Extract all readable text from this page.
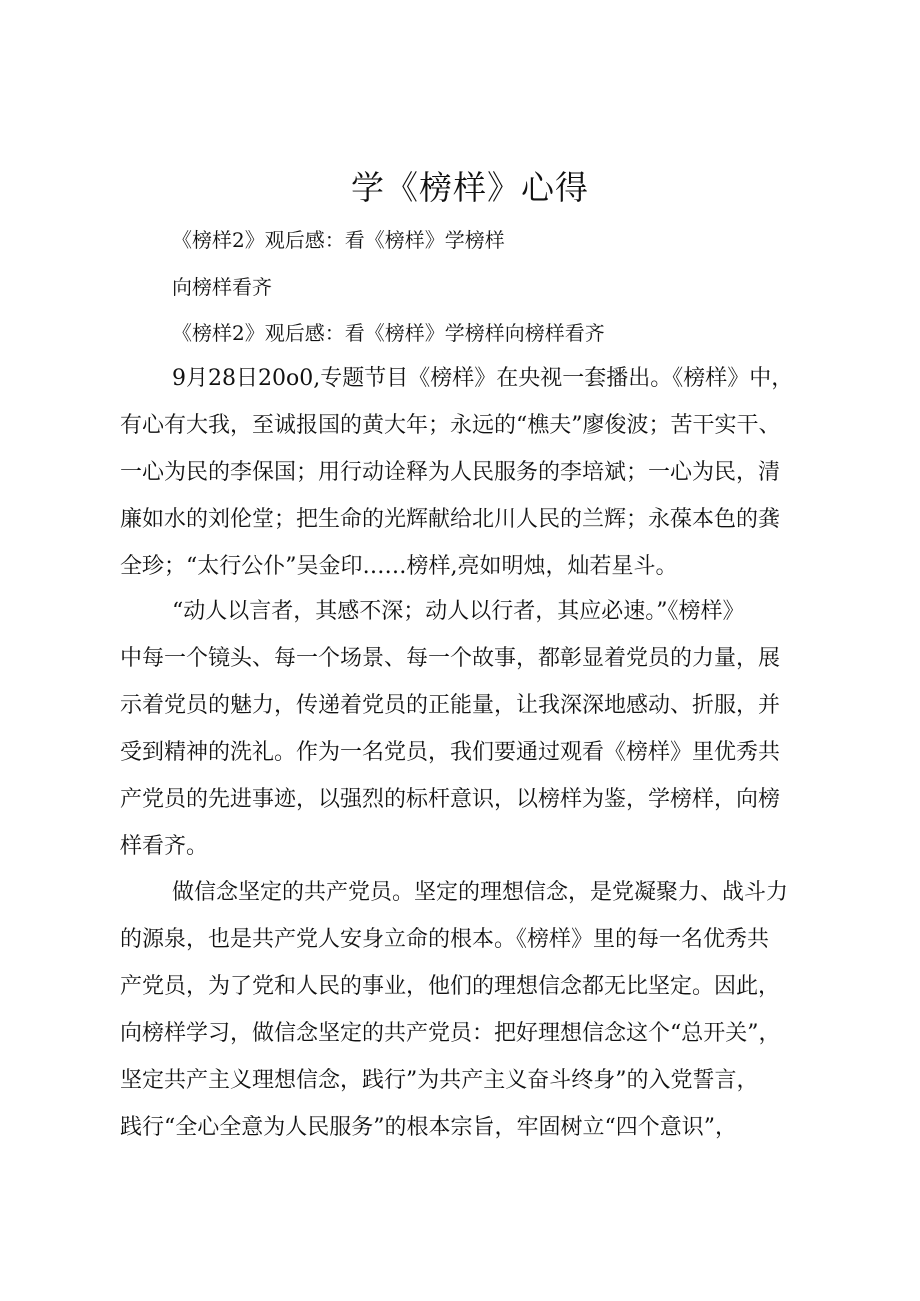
学《榜样》心得
《榜样2》观后感：看《榜样》学榜样
向榜样看齐
《榜样2》观后感：看《榜样》学榜样向榜样看齐
9月28日20o0,专题节目《榜样》在央视一套播出。《榜样》中，
有心有大我，至诚报国的黄大年；永远的“樵夫”廖俊波；苦干实干、
一心为民的李保国；用行动诠释为人民服务的李培斌；一心为民，清
廉如水的刘伦堂；把生命的光辉献给北川人民的兰辉；永葆本色的龚
全珍；“太行公仆”吴金印……榜样,亮如明烛，灿若星斗。
“动人以言者，其感不深；动人以行者，其应必速。”《榜样》
中每一个镜头、每一个场景、每一个故事，都彰显着党员的力量，展
示着党员的魅力，传递着党员的正能量，让我深深地感动、折服，并
受到精神的洗礼。作为一名党员，我们要通过观看《榜样》里优秀共
产党员的先进事迹，以强烈的标杆意识，以榜样为鉴，学榜样，向榜
样看齐。
做信念坚定的共产党员。坚定的理想信念，是党凝聚力、战斗力
的源泉，也是共产党人安身立命的根本。《榜样》里的每一名优秀共
产党员，为了党和人民的事业，他们的理想信念都无比坚定。因此，
向榜样学习，做信念坚定的共产党员：把好理想信念这个“总开关”，
坚定共产主义理想信念，践行”为共产主义奋斗终身”的入党誓言，
践行“全心全意为人民服务”的根本宗旨，牢固树立“四个意识”，
